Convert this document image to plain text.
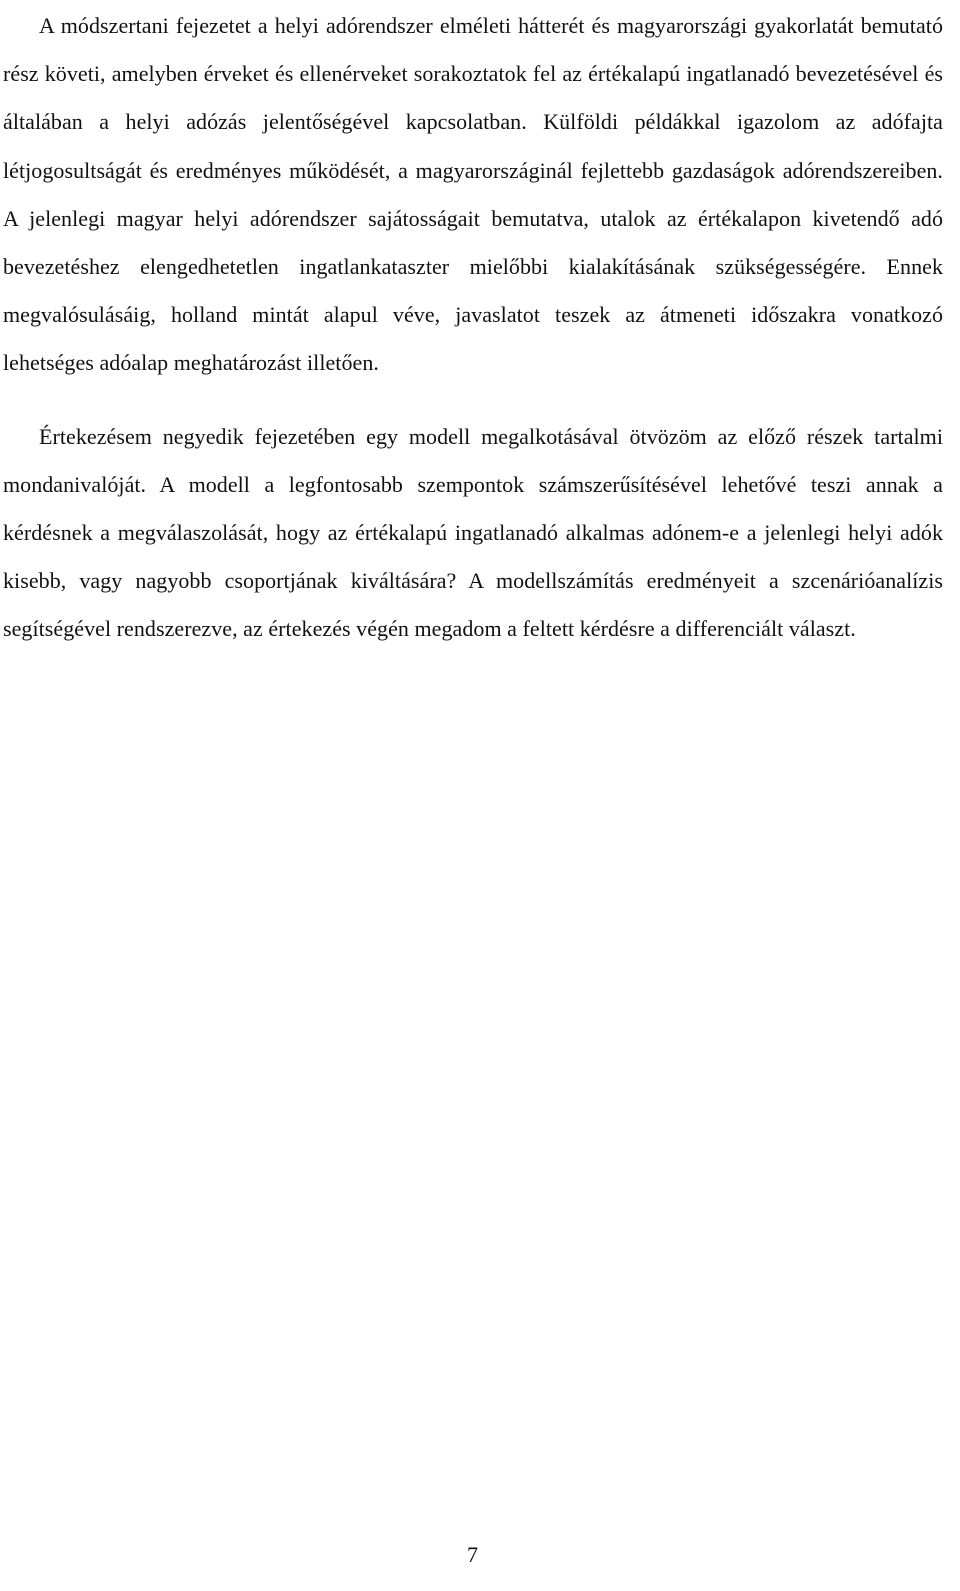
A módszertani fejezetet a helyi adórendszer elméleti hátterét és magyarországi gyakorlatát bemutató rész követi, amelyben érveket és ellenérveket sorakoztatok fel az értékalapú ingatlanadó bevezetésével és általában a helyi adózás jelentőségével kapcsolatban. Külföldi példákkal igazolom az adófajta létjogosultságát és eredményes működését, a magyarországinál fejlettebb gazdaságok adórendszereiben. A jelenlegi magyar helyi adórendszer sajátosságait bemutatva, utalok az értékalapon kivetendő adó bevezetéshez elengedhetetlen ingatlankataszter mielőbbi kialakításának szükségességére. Ennek megvalósulásáig, holland mintát alapul véve, javaslatot teszek az átmeneti időszakra vonatkozó lehetséges adóalap meghatározást illetően.

Értekezésem negyedik fejezetében egy modell megalkotásával ötvözöm az előző részek tartalmi mondanivalóját. A modell a legfontosabb szempontok számszerűsítésével lehetővé teszi annak a kérdésnek a megválaszolását, hogy az értékalapú ingatlanadó alkalmas adónem-e a jelenlegi helyi adók kisebb, vagy nagyobb csoportjának kiváltására? A modellszámítás eredményeit a szcenárióanalízis segítségével rendszerezve, az értekezés végén megadom a feltett kérdésre a differenciált választ.

7
